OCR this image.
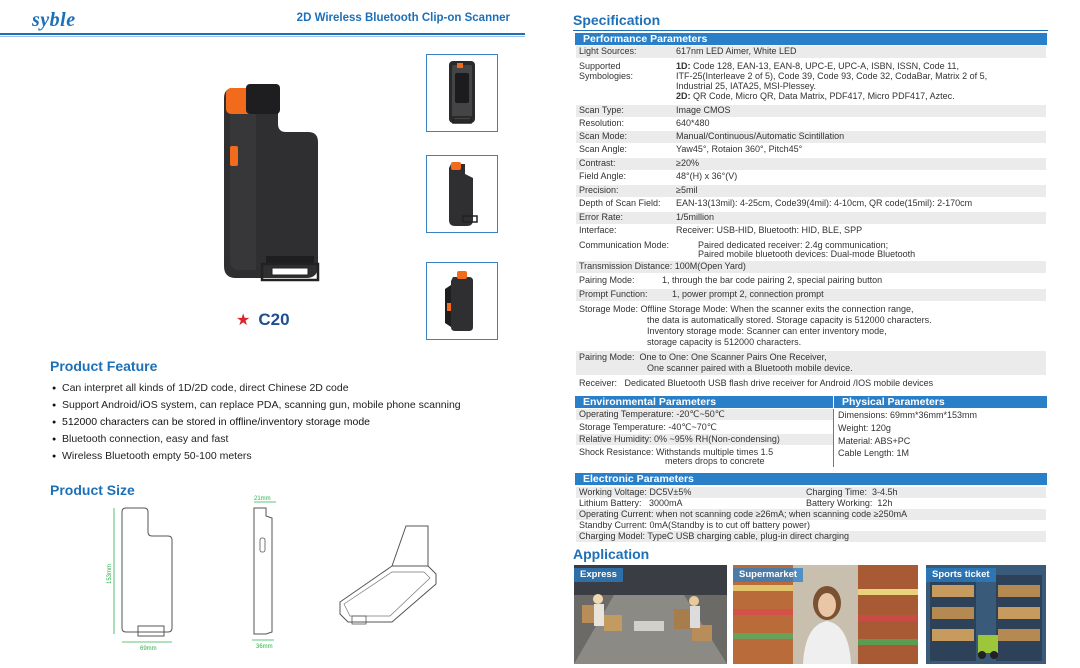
syble	2D Wireless Bluetooth Clip-on Scanner
★ C20
Product Feature
● Can interpret all kinds of 1D/2D code, direct Chinese 2D code
● Support Android/iOS system, can replace PDA, scanning gun, mobile phone scanning
● 512000 characters can be stored in offline/inventory storage mode
● Bluetooth connection, easy and fast
● Wireless Bluetooth empty 50-100 meters
Product Size
153mm
69mm
21mm
36mm
Specification
Performance Parameters
Light Sources:	617nm LED Aimer, White LED
Supported
Symbologies:
1D: Code 128, EAN-13, EAN-8, UPC-E, UPC-A, ISBN, ISSN, Code 11,
ITF-25(Interleave 2 of 5), Code 39, Code 93, Code 32, CodaBar, Matrix 2 of 5,
Industrial 25, IATA25, MSI-Plessey.
2D: QR Code, Micro QR, Data Matrix, PDF417, Micro PDF417, Aztec.
Scan Type:	Image CMOS
Resolution:	640*480
Scan Mode:	Manual/Continuous/Automatic Scintillation
Scan Angle:	Yaw45°, Rotaion 360°, Pitch45°
Contrast:	≥20%
Field Angle:	48°(H) x 36°(V)
Precision:	≥5mil
Depth of Scan Field: EAN-13(13mil): 4-25cm, Code39(4mil): 4-10cm, QR code(15mil): 2-170cm
Error Rate:	1/5million
Interface:	Receiver: USB-HID, Bluetooth: HID, BLE, SPP
Communication Mode:	Paired dedicated receiver: 2.4g communication;
Paired mobile bluetooth devices: Dual-mode Bluetooth
Transmission Distance: 100M(Open Yard)
Pairing Mode:	1, through the bar code pairing 2, special pairing button
Prompt Function:	1, power prompt 2, connection prompt
Storage Mode: Offline Storage Mode: When the scanner exits the connection range,
the data is automatically stored. Storage capacity is 512000 characters.
Inventory storage mode: Scanner can enter inventory mode,
storage capacity is 512000 characters.
Pairing Mode:  One to One: One Scanner Pairs One Receiver,
One scanner paired with a Bluetooth mobile device.
Receiver:   Dedicated Bluetooth USB flash drive receiver for Android /IOS mobile devices
Environmental Parameters	Physical Parameters
Operating Temperature: -20℃~50℃
Storage Temperature: -40℃~70℃
Relative Humidity: 0% ~95% RH(Non-condensing)
Shock Resistance: Withstands multiple times 1.5
meters drops to concrete
Dimensions: 69mm*36mm*153mm
Weight: 120g
Material: ABS+PC
Cable Length: 1M
Electronic Parameters
Working Voltage: DC5V±5%	Charging Time:  3-4.5h
Lithium Battery:   3000mA	Battery Working:  12h
Operating Current: when not scanning code ≥26mA; when scanning code ≥250mA
Standby Current: 0mA(Standby is to cut off battery power)
Charging Model: TypeC USB charging cable, plug-in direct charging
Application
Express	Supermarket	Sports ticket
